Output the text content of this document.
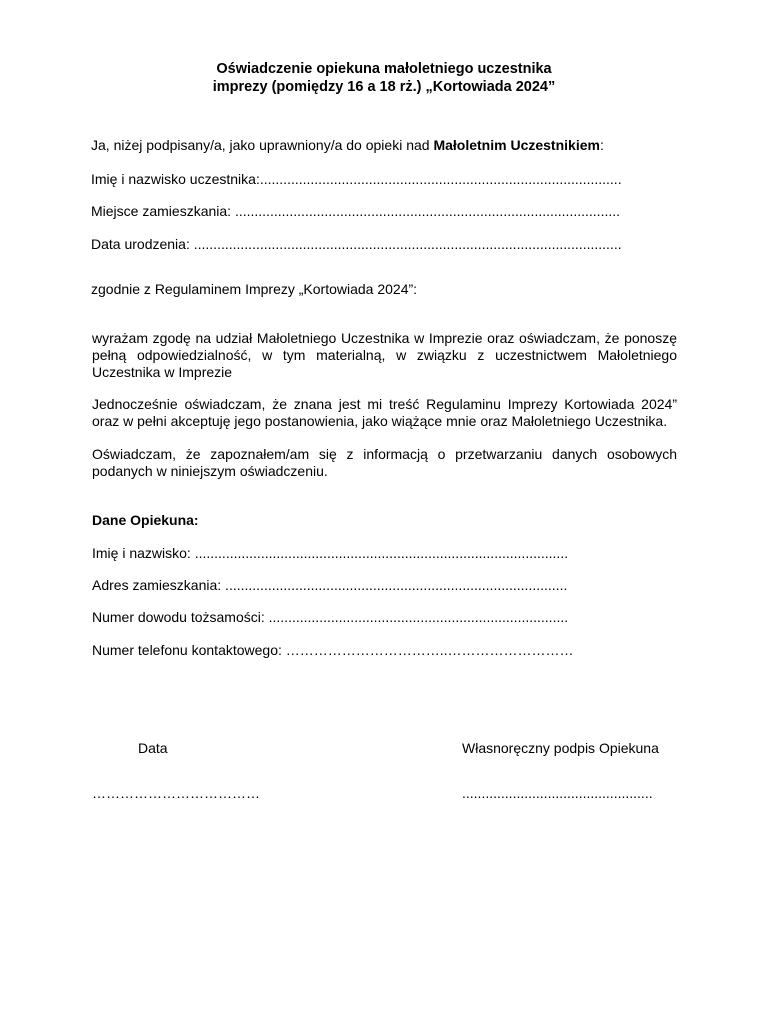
Oświadczenie opiekuna małoletniego uczestnika
imprezy (pomiędzy 16 a 18 rż.) „Kortowiada 2024”
Ja, niżej podpisany/a, jako uprawniony/a do opieki nad Małoletnim Uczestnikiem:
Imię i nazwisko uczestnika:.............................................................................................
Miejsce zamieszkania: ...................................................................................................
Data urodzenia: ..............................................................................................................
zgodnie z Regulaminem Imprezy „Kortowiada 2024”:
wyrażam zgodę na udział Małoletniego Uczestnika w Imprezie oraz oświadczam, że ponoszę pełną odpowiedzialność, w tym materialną, w związku z uczestnictwem Małoletniego Uczestnika w Imprezie
Jednocześnie oświadczam, że znana jest mi treść Regulaminu Imprezy Kortowiada 2024” oraz w pełni akceptuję jego postanowienia, jako wiążące mnie oraz Małoletniego Uczestnika.
Oświadczam, że zapoznałem/am się z informacją o przetwarzaniu danych osobowych podanych w niniejszym oświadczeniu.
Dane Opiekuna:
Imię i nazwisko: ................................................................................................
Adres zamieszkania: ........................................................................................
Numer dowodu tożsamości: .............................................................................
Numer telefonu kontaktowego: ……………………………..………………………
Data	Własnoręczny podpis Opiekuna
………………………………	.................................................
